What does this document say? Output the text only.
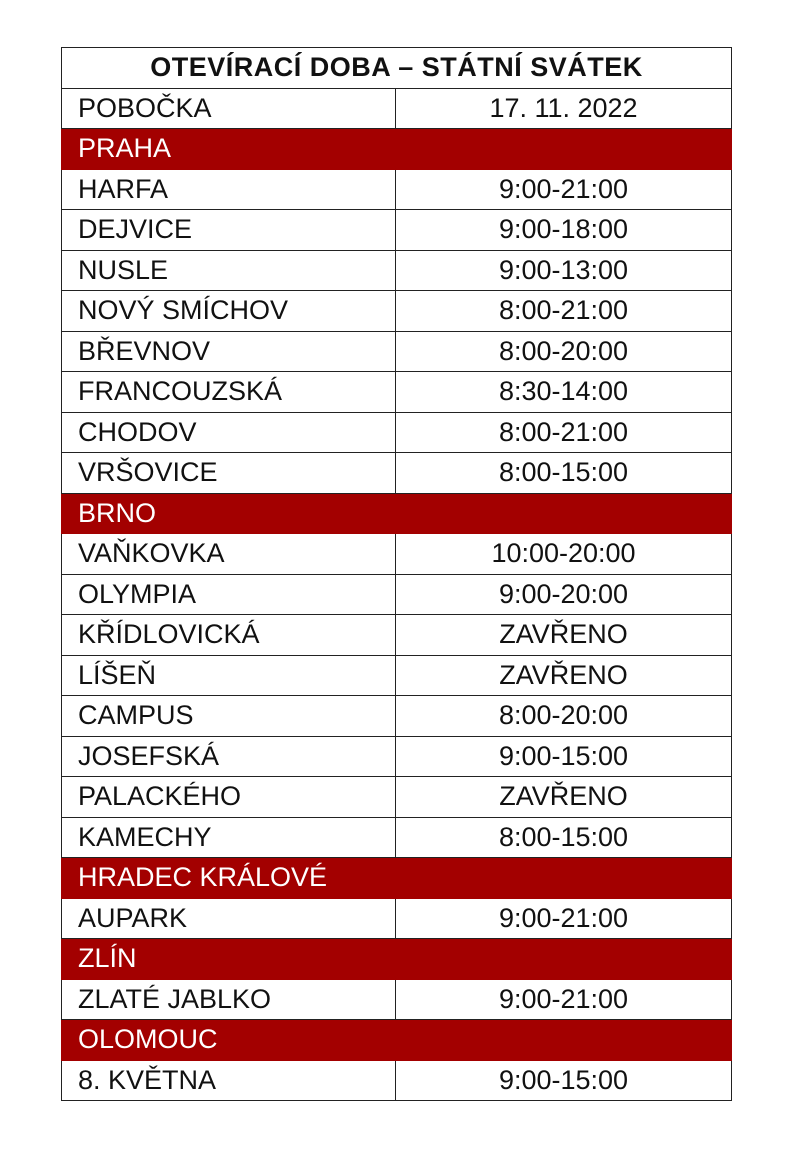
OTEVÍRACÍ DOBA – STÁTNÍ SVÁTEK	
POBOČKA	17. 11. 2022
PRAHA	
HARFA	9:00-21:00
DEJVICE	9:00-18:00
NUSLE	9:00-13:00
NOVÝ SMÍCHOV	8:00-21:00
BŘEVNOV	8:00-20:00
FRANCOUZSKÁ	8:30-14:00
CHODOV	8:00-21:00
VRŠOVICE	8:00-15:00
BRNO	
VAŇKOVKA	10:00-20:00
OLYMPIA	9:00-20:00
KŘÍDLOVICKÁ	ZAVŘENO
LÍŠEŇ	ZAVŘENO
CAMPUS	8:00-20:00
JOSEFSKÁ	9:00-15:00
PALACKÉHO	ZAVŘENO
KAMECHY	8:00-15:00
HRADEC KRÁLOVÉ	
AUPARK	9:00-21:00
ZLÍN	
ZLATÉ JABLKO	9:00-21:00
OLOMOUC	
8. KVĚTNA	9:00-15:00
